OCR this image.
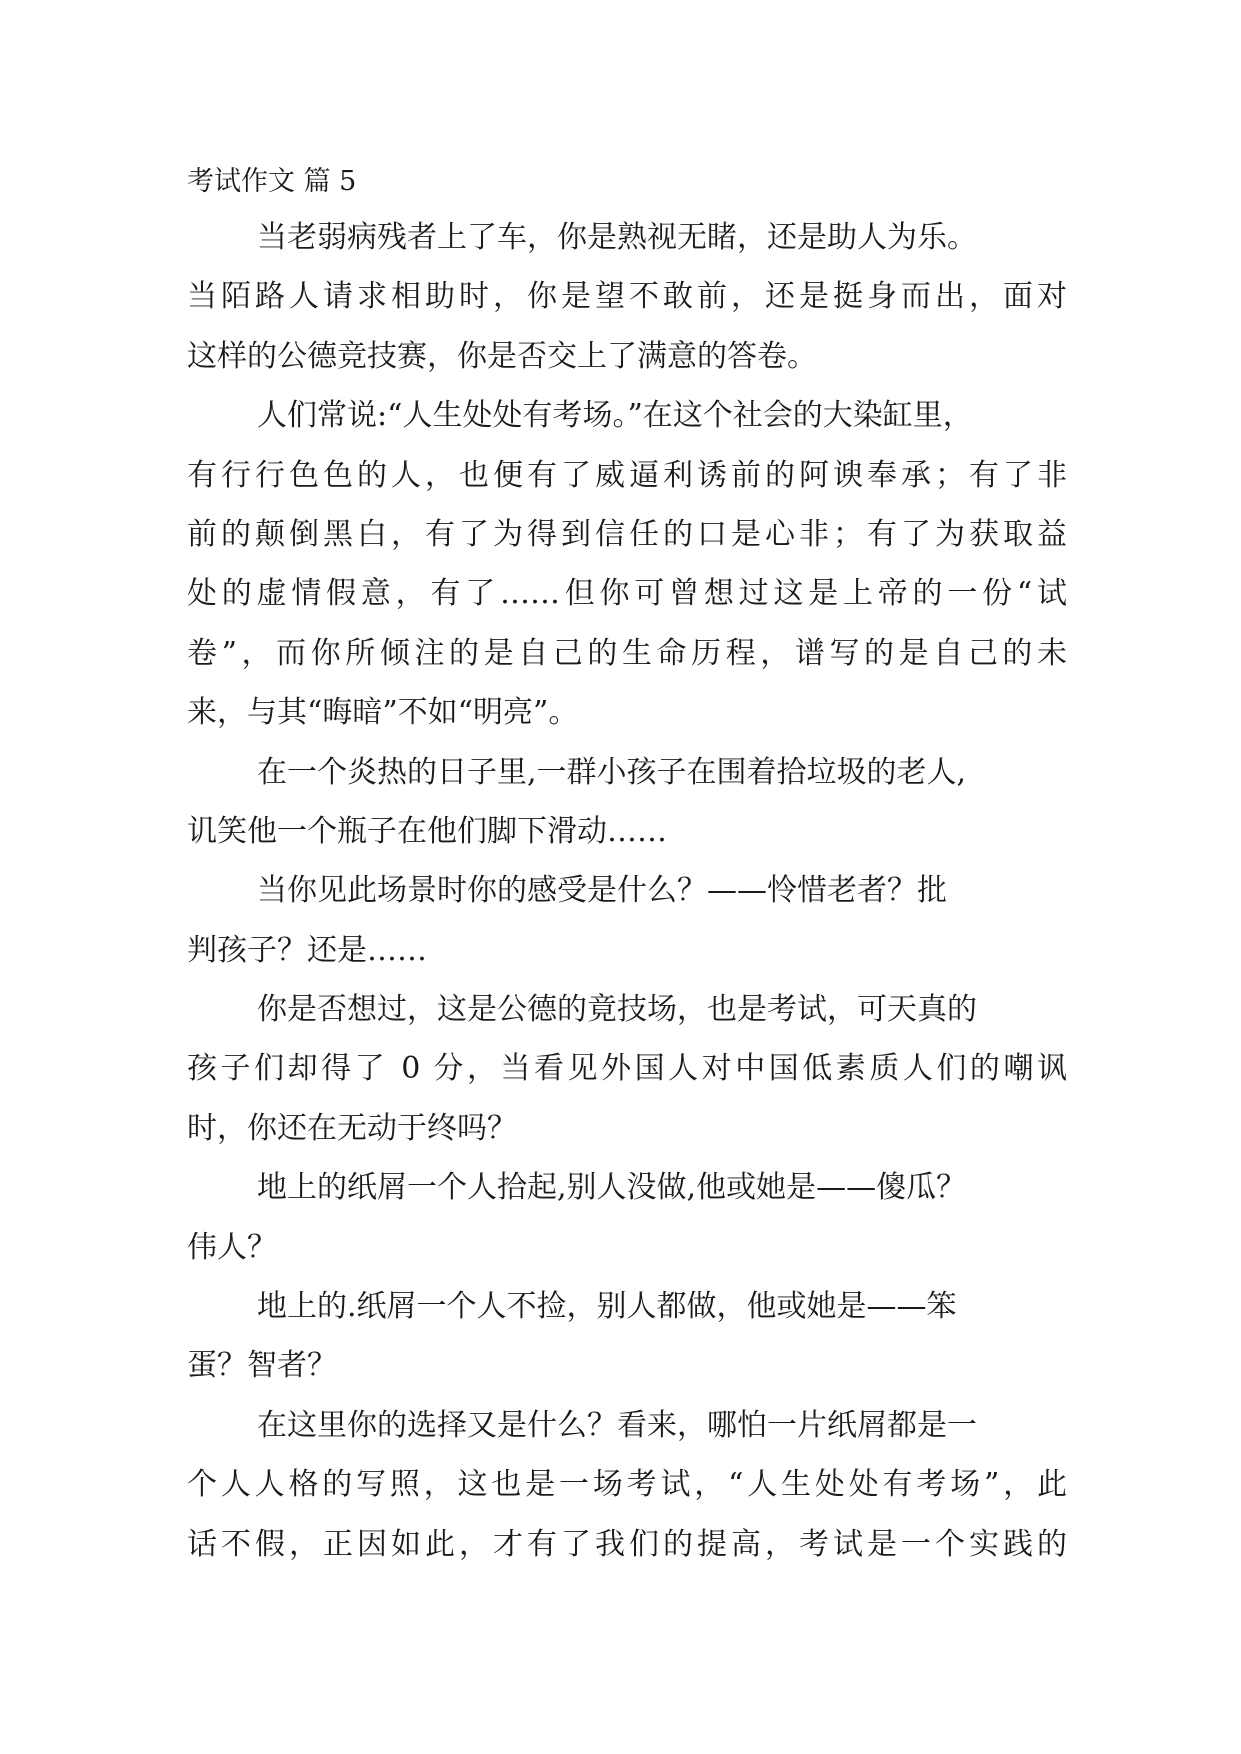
考试作文 篇 5
当老弱病残者上了车，你是熟视无睹，还是助人为乐。
当陌路人请求相助时，你是望不敢前，还是挺身而出，面对
这样的公德竞技赛，你是否交上了满意的答卷。
人们常说:“人生处处有考场。”在这个社会的大染缸里，
有行行色色的人，也便有了威逼利诱前的阿谀奉承；有了非
前的颠倒黑白，有了为得到信任的口是心非；有了为获取益
处的虚情假意，有了……但你可曾想过这是上帝的一份“试
卷”，而你所倾注的是自己的生命历程，谱写的是自己的未
来，与其“晦暗”不如“明亮”。
在一个炎热的日子里,一群小孩子在围着拾垃圾的老人,
讥笑他一个瓶子在他们脚下滑动……
当你见此场景时你的感受是什么？——怜惜老者？批
判孩子？还是……
你是否想过，这是公德的竟技场，也是考试，可天真的
孩子们却得了 0 分，当看见外国人对中国低素质人们的嘲讽
时，你还在无动于终吗？
地上的纸屑一个人拾起,别人没做,他或她是——傻瓜？
伟人？
地上的.纸屑一个人不捡，别人都做，他或她是——笨
蛋？智者？
在这里你的选择又是什么？看来，哪怕一片纸屑都是一
个人人格的写照，这也是一场考试，“人生处处有考场”，此
话不假，正因如此，才有了我们的提高，考试是一个实践的
